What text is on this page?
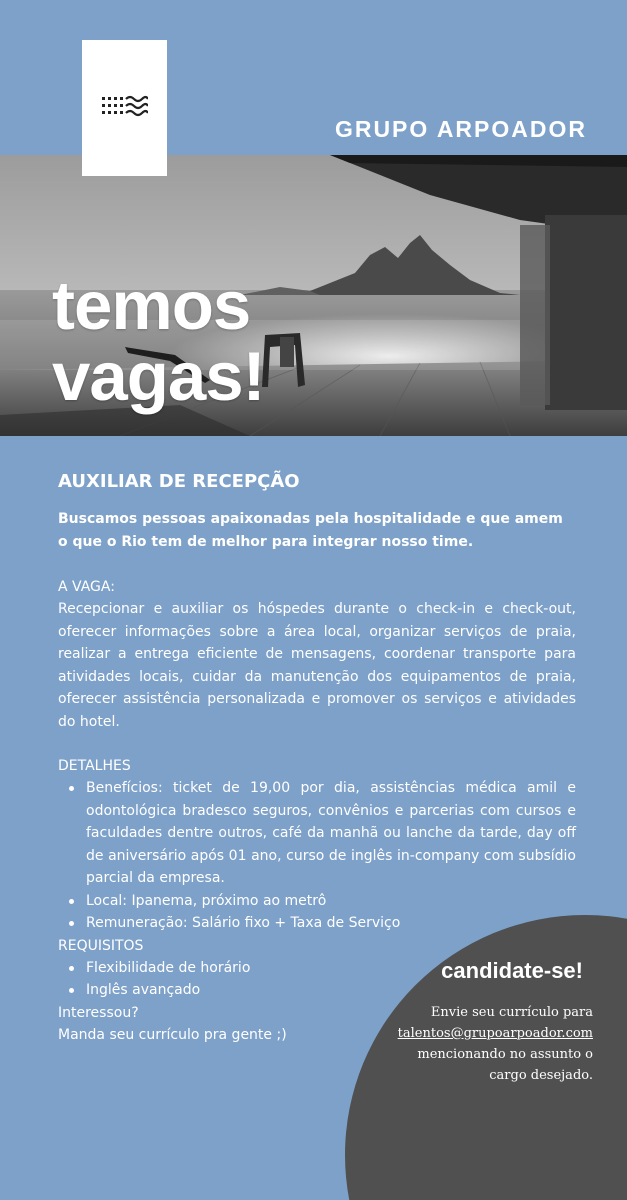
GRUPO ARPOADOR
temos
vagas!
AUXILIAR DE RECEPÇÃO
Buscamos pessoas apaixonadas pela hospitalidade e que amem o que o Rio tem de melhor para integrar nosso time.
A VAGA:
Recepcionar e auxiliar os hóspedes durante o check-in e check-out, oferecer informações sobre a área local, organizar serviços de praia, realizar a entrega eficiente de mensagens, coordenar transporte para atividades locais, cuidar da manutenção dos equipamentos de praia, oferecer assistência personalizada e promover os serviços e atividades do hotel.
DETALHES
Benefícios: ticket de 19,00 por dia, assistências médica amil e odontológica bradesco seguros, convênios e parcerias com cursos e faculdades dentre outros, café da manhã ou lanche da tarde, day off de aniversário após 01 ano, curso de inglês in-company com subsídio parcial da empresa.
Local: Ipanema, próximo ao metrô
Remuneração: Salário fixo + Taxa de Serviço
REQUISITOS
Flexibilidade de horário
Inglês avançado
Interessou?
Manda seu currículo pra gente ;)
candidate-se!
Envie seu currículo para
talentos@grupoarpoador.com
mencionando no assunto o
cargo desejado.
